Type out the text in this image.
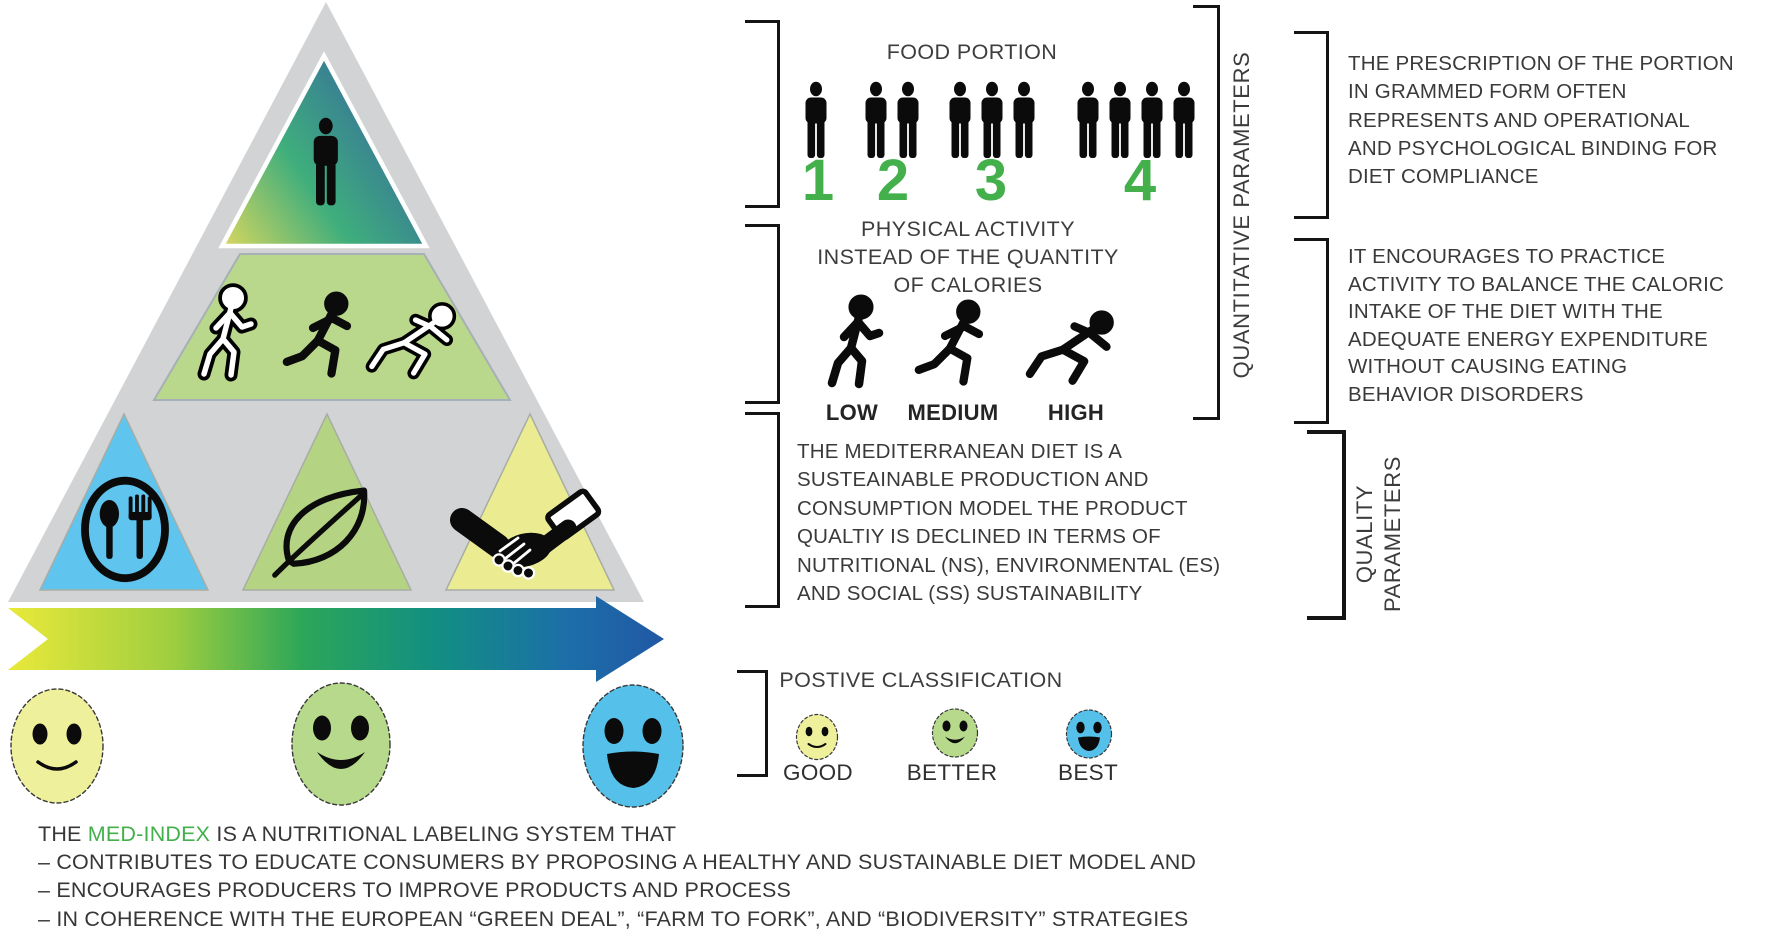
FOOD PORTION
1 2	3	4
PHYSICAL ACTIVITY
INSTEAD OF THE QUANTITY
OF CALORIES
LOW	MEDIUM	HIGH
THE MEDITERRANEAN DIET IS A
SUSTEAINABLE PRODUCTION AND
CONSUMPTION MODEL THE PRODUCT
QUALTIY IS DECLINED IN TERMS OF
NUTRITIONAL (NS), ENVIRONMENTAL (ES)
AND SOCIAL (SS) SUSTAINABILITY
POSTIVE CLASSIFICATION
GOOD	BETTER	BEST
QUANTITATIVE PARAMETERS
QUALITY PARAMETERS
THE PRESCRIPTION OF THE PORTION
IN GRAMMED FORM OFTEN
REPRESENTS AND OPERATIONAL
AND PSYCHOLOGICAL BINDING FOR
DIET COMPLIANCE
IT ENCOURAGES TO PRACTICE
ACTIVITY TO BALANCE THE CALORIC
INTAKE OF THE DIET WITH THE
ADEQUATE ENERGY EXPENDITURE
WITHOUT CAUSING EATING
BEHAVIOR DISORDERS
THE MED-INDEX IS A NUTRITIONAL LABELING SYSTEM THAT
– CONTRIBUTES TO EDUCATE CONSUMERS BY PROPOSING A HEALTHY AND SUSTAINABLE DIET MODEL AND
– ENCOURAGES PRODUCERS TO IMPROVE PRODUCTS AND PROCESS
– IN COHERENCE WITH THE EUROPEAN “GREEN DEAL”, “FARM TO FORK”, AND “BIODIVERSITY” STRATEGIES
